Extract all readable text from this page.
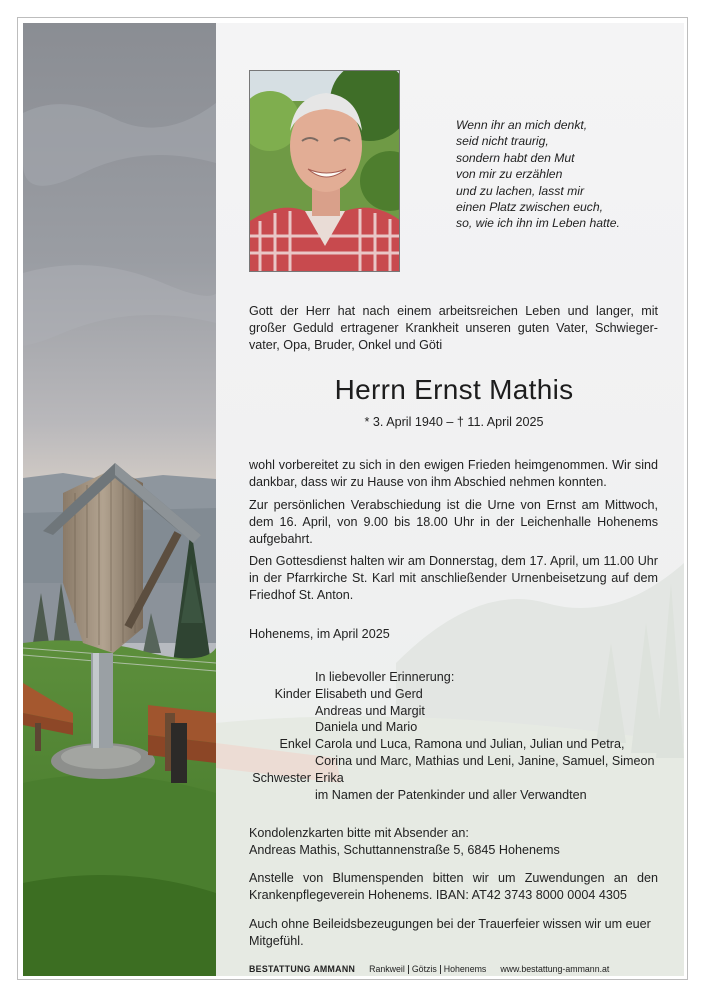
Wenn ihr an mich denkt,
seid nicht traurig,
sondern habt den Mut
von mir zu erzählen
und zu lachen, lasst mir
einen Platz zwischen euch,
so, wie ich ihn im Leben hatte.
Gott der Herr hat nach einem arbeitsreichen Leben und langer, mit großer Geduld ertragener Krankheit unseren guten Vater, Schwiegervater, Opa, Bruder, Onkel und Göti
Herrn Ernst Mathis
* 3. April 1940 – † 11. April 2025
wohl vorbereitet zu sich in den ewigen Frieden heimgenommen. Wir sind dankbar, dass wir zu Hause von ihm Abschied nehmen konnten.
Zur persönlichen Verabschiedung ist die Urne von Ernst am Mittwoch, dem 16. April, von 9.00 bis 18.00 Uhr in der Leichenhalle Hohenems aufgebahrt.
Den Gottesdienst halten wir am Donnerstag, dem 17. April, um 11.00 Uhr in der Pfarrkirche St. Karl mit anschließender Urnenbeisetzung auf dem Friedhof St. Anton.
Hohenems, im April 2025
In liebevoller Erinnerung:
Kinder Elisabeth und Gerd
Andreas und Margit
Daniela und Mario
Enkel Carola und Luca, Ramona und Julian, Julian und Petra,
Corina und Marc, Mathias und Leni, Janine, Samuel, Simeon
Schwester Erika
im Namen der Patenkinder und aller Verwandten
Kondolenzkarten bitte mit Absender an:
Andreas Mathis, Schuttannenstraße 5, 6845 Hohenems
Anstelle von Blumenspenden bitten wir um Zuwendungen an den Krankenpflegeverein Hohenems. IBAN: AT42 3743 8000 0004 4305
Auch ohne Beileidsbezeugungen bei der Trauerfeier wissen wir um euer Mitgefühl.
BESTATTUNG
AMMANN Rankweil Götzis Hohenems www.bestattung-ammann.at
